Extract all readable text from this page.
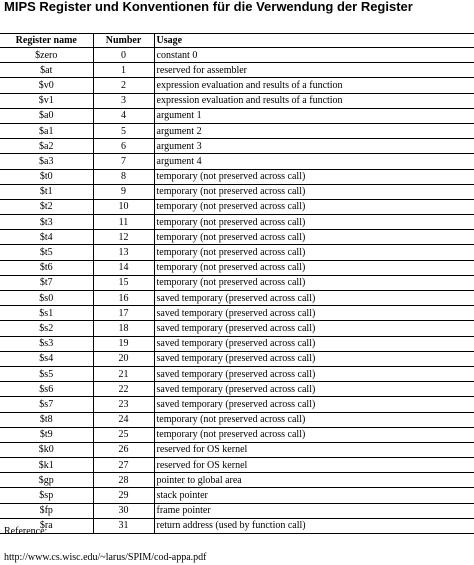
MIPS Register und Konventionen für die Verwendung der Register
Register name	Number	Usage
$zero	0	constant 0
$at	1	reserved for assembler
$v0	2	expression evaluation and results of a function
$v1	3	expression evaluation and results of a function
$a0	4	argument 1
$a1	5	argument 2
$a2	6	argument 3
$a3	7	argument 4
$t0	8	temporary (not preserved across call)
$t1	9	temporary (not preserved across call)
$t2	10	temporary (not preserved across call)
$t3	11	temporary (not preserved across call)
$t4	12	temporary (not preserved across call)
$t5	13	temporary (not preserved across call)
$t6	14	temporary (not preserved across call)
$t7	15	temporary (not preserved across call)
$s0	16	saved temporary (preserved across call)
$s1	17	saved temporary (preserved across call)
$s2	18	saved temporary (preserved across call)
$s3	19	saved temporary (preserved across call)
$s4	20	saved temporary (preserved across call)
$s5	21	saved temporary (preserved across call)
$s6	22	saved temporary (preserved across call)
$s7	23	saved temporary (preserved across call)
$t8	24	temporary (not preserved across call)
$t9	25	temporary (not preserved across call)
$k0	26	reserved for OS kernel
$k1	27	reserved for OS kernel
$gp	28	pointer to global area
$sp	29	stack pointer
$fp	30	frame pointer
$ra	31	return address (used by function call)
Reference:
http://www.cs.wisc.edu/~larus/SPIM/cod-appa.pdf
